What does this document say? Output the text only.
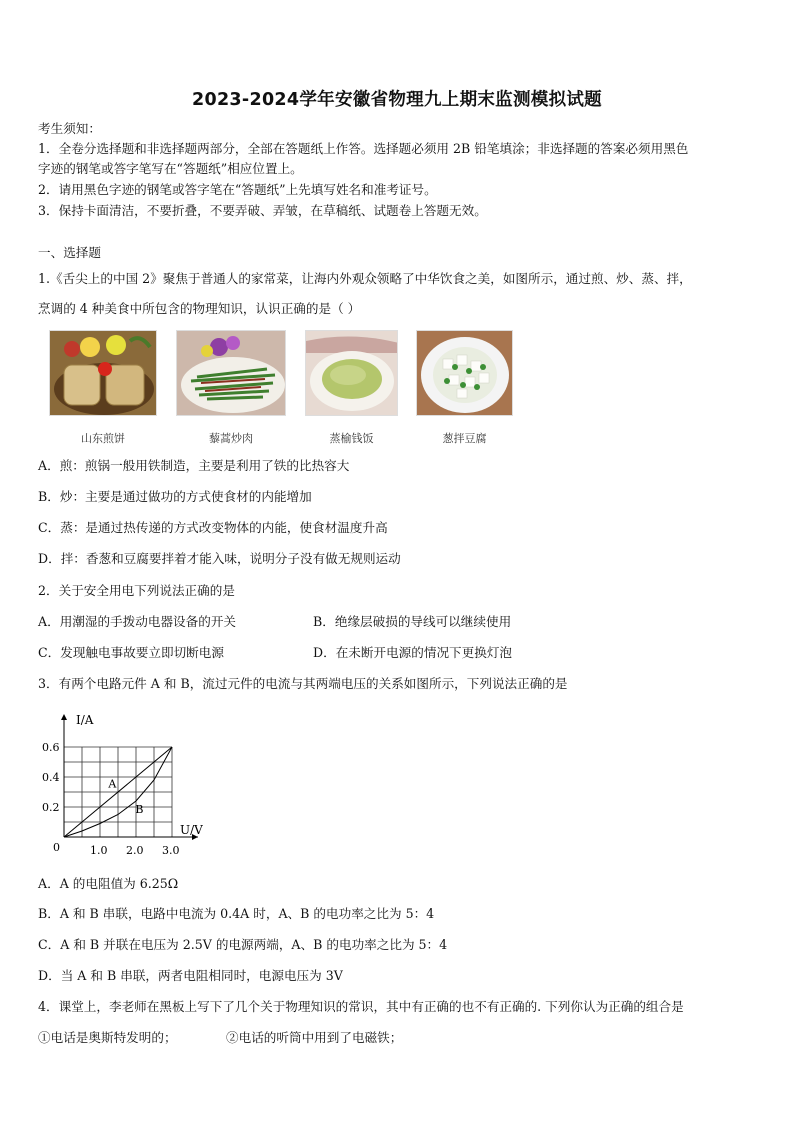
2023-2024学年安徽省物理九上期末监测模拟试题
考生须知：
1．全卷分选择题和非选择题两部分，全部在答题纸上作答。选择题必须用 2B 铅笔填涂；非选择题的答案必须用黑色
字迹的钢笔或答字笔写在“答题纸”相应位置上。
2．请用黑色字迹的钢笔或答字笔在“答题纸”上先填写姓名和准考证号。
3．保持卡面清洁，不要折叠，不要弄破、弄皱，在草稿纸、试题卷上答题无效。
一、选择题
1.《舌尖上的中国 2》聚焦于普通人的家常菜，让海内外观众领略了中华饮食之美，如图所示，通过煎、炒、蒸、拌，
烹调的 4 种美食中所包含的物理知识，认识正确的是（ ）
山东煎饼	藜蒿炒肉	蒸榆钱饭	葱拌豆腐
A．煎：煎锅一般用铁制造，主要是利用了铁的比热容大
B．炒：主要是通过做功的方式使食材的内能增加
C．蒸：是通过热传递的方式改变物体的内能，使食材温度升高
D．拌：香葱和豆腐要拌着才能入味，说明分子没有做无规则运动
2．关于安全用电下列说法正确的是
A．用潮湿的手拨动电器设备的开关	B．绝缘层破损的导线可以继续使用
C．发现触电事故要立即切断电源	D．在未断开电源的情况下更换灯泡
3．有两个电路元件 A 和 B，流过元件的电流与其两端电压的关系如图所示，下列说法正确的是
A
B
1.0 2.0 3.0
0.2
0.4
0.6
I/A
U/V
0
A．A 的电阻值为 6.25Ω
B．A 和 B 串联，电路中电流为 0.4A 时，A、B 的电功率之比为 5：4
C．A 和 B 并联在电压为 2.5V 的电源两端，A、B 的电功率之比为 5：4
D．当 A 和 B 串联，两者电阻相同时，电源电压为 3V
4．课堂上，李老师在黑板上写下了几个关于物理知识的常识，其中有正确的也不有正确的. 下列你认为正确的组合是
①电话是奥斯特发明的；	②电话的听筒中用到了电磁铁；
